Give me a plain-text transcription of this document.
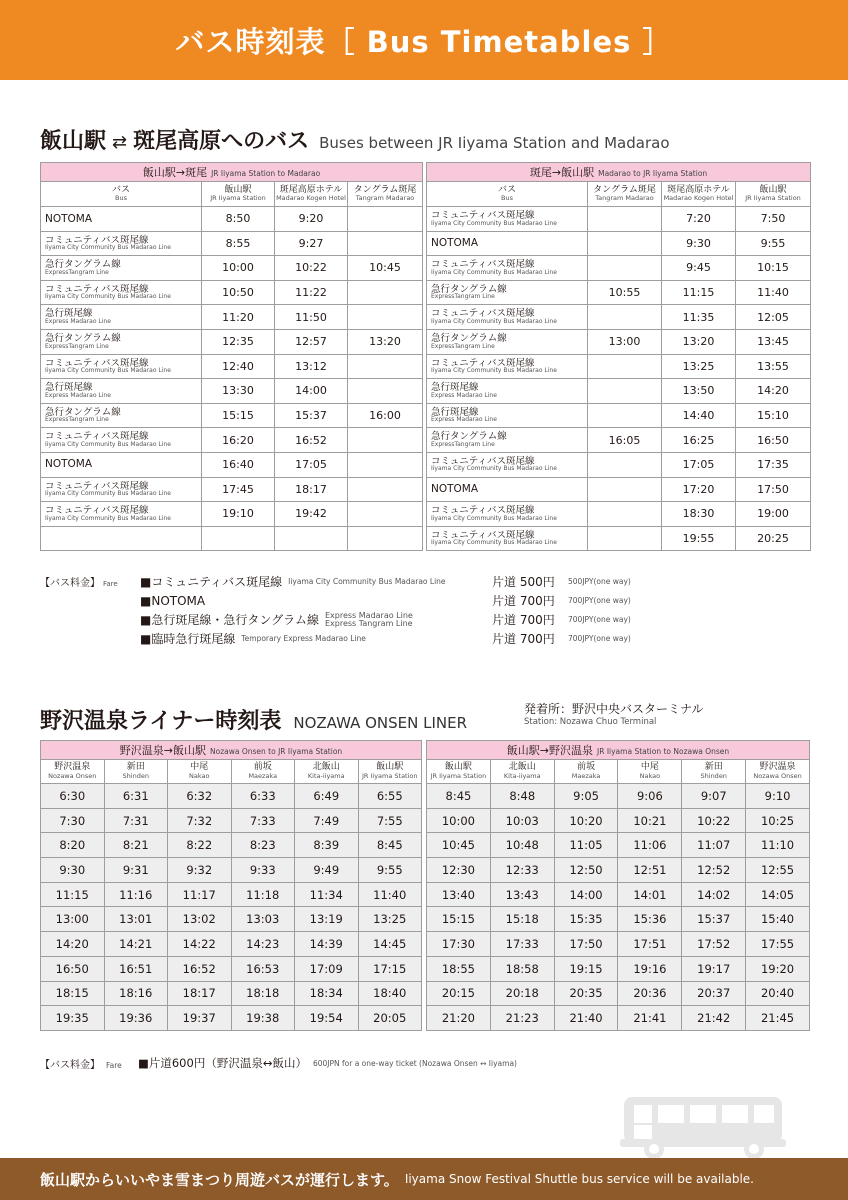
バス時刻表［ Bus Timetables ］
飯山駅 ⇄ 斑尾高原へのバス Buses between JR Iiyama Station and Madarao
飯山駅→斑尾 JR Iiyama Station to Madarao			

バス
Bus	飯山駅
JR Iiyama Station	斑尾高原ホテル
Madarao Kogen Hotel	タングラム斑尾
Tangram Madarao

NOTOMA	8:50	9:20	

コミュニティバス斑尾線
Iiyama City Community Bus Madarao Line	8:55	9:27	

急行タングラム線
ExpressTangram Line	10:00	10:22	10:45

コミュニティバス斑尾線
Iiyama City Community Bus Madarao Line	10:50	11:22	

急行斑尾線
Express Madarao Line	11:20	11:50	

急行タングラム線
ExpressTangram Line	12:35	12:57	13:20

コミュニティバス斑尾線
Iiyama City Community Bus Madarao Line	12:40	13:12	

急行斑尾線
Express Madarao Line	13:30	14:00	

急行タングラム線
ExpressTangram Line	15:15	15:37	16:00

コミュニティバス斑尾線
Iiyama City Community Bus Madarao Line	16:20	16:52	

NOTOMA	16:40	17:05	

コミュニティバス斑尾線
Iiyama City Community Bus Madarao Line	17:45	18:17	

コミュニティバス斑尾線
Iiyama City Community Bus Madarao Line	19:10	19:42	

斑尾→飯山駅 Madarao to JR Iiyama Station			

バス
Bus	タングラム斑尾
Tangram Madarao	斑尾高原ホテル
Madarao Kogen Hotel	飯山駅
JR Iiyama Station

コミュニティバス斑尾線
Iiyama City Community Bus Madarao Line		7:20	7:50

NOTOMA		9:30	9:55

コミュニティバス斑尾線
Iiyama City Community Bus Madarao Line		9:45	10:15

急行タングラム線
ExpressTangram Line	10:55	11:15	11:40

コミュニティバス斑尾線
Iiyama City Community Bus Madarao Line		11:35	12:05

急行タングラム線
ExpressTangram Line	13:00	13:20	13:45

コミュニティバス斑尾線
Iiyama City Community Bus Madarao Line		13:25	13:55

急行斑尾線
Express Madarao Line		13:50	14:20

急行斑尾線
Express Madarao Line		14:40	15:10

急行タングラム線
ExpressTangram Line	16:05	16:25	16:50

コミュニティバス斑尾線
Iiyama City Community Bus Madarao Line		17:05	17:35

NOTOMA		17:20	17:50

コミュニティバス斑尾線
Iiyama City Community Bus Madarao Line		18:30	19:00

コミュニティバス斑尾線
Iiyama City Community Bus Madarao Line		19:55	20:25
【バス料金】 Fare	■コミュニティバス斑尾線 Iiyama City Community Bus Madarao Line	片道 500円	500JPY(one way)
■NOTOMA	片道 700円	700JPY(one way)
■急行斑尾線・急行タングラム線 Express Madarao Line
Express Tangram Line	片道 700円	700JPY(one way)
■臨時急行斑尾線 Temporary Express Madarao Line	片道 700円	700JPY(one way)
野沢温泉ライナー時刻表 NOZAWA ONSEN LINER
発着所：野沢中央バスターミナル
Station: Nozawa Chuo Terminal
野沢温泉→飯山駅 Nozawa Onsen to JR Iiyama Station					

野沢温泉
Nozawa Onsen	新田
Shinden	中尾
Nakao	前坂
Maezaka	北飯山
Kita-iiyama	飯山駅
JR Iiyama Station

6:30	6:31	6:32	6:33	6:49	6:55
7:30	7:31	7:32	7:33	7:49	7:55
8:20	8:21	8:22	8:23	8:39	8:45
9:30	9:31	9:32	9:33	9:49	9:55
11:15	11:16	11:17	11:18	11:34	11:40
13:00	13:01	13:02	13:03	13:19	13:25
14:20	14:21	14:22	14:23	14:39	14:45
16:50	16:51	16:52	16:53	17:09	17:15
18:15	18:16	18:17	18:18	18:34	18:40
19:35	19:36	19:37	19:38	19:54	20:05
飯山駅→野沢温泉 JR Iiyama Station to Nozawa Onsen					

飯山駅
JR Iiyama Station	北飯山
Kita-iiyama	前坂
Maezaka	中尾
Nakao	新田
Shinden	野沢温泉
Nozawa Onsen

8:45	8:48	9:05	9:06	9:07	9:10
10:00	10:03	10:20	10:21	10:22	10:25
10:45	10:48	11:05	11:06	11:07	11:10
12:30	12:33	12:50	12:51	12:52	12:55
13:40	13:43	14:00	14:01	14:02	14:05
15:15	15:18	15:35	15:36	15:37	15:40
17:30	17:33	17:50	17:51	17:52	17:55
18:55	18:58	19:15	19:16	19:17	19:20
20:15	20:18	20:35	20:36	20:37	20:40
21:20	21:23	21:40	21:41	21:42	21:45
【バス料金】 Fare	■片道600円（野沢温泉↔飯山） 600JPN for a one-way ticket (Nozawa Onsen ↔ Iiyama)
飯山駅からいいやま雪まつり周遊バスが運行します。 Iiyama Snow Festival Shuttle bus service will be available.
